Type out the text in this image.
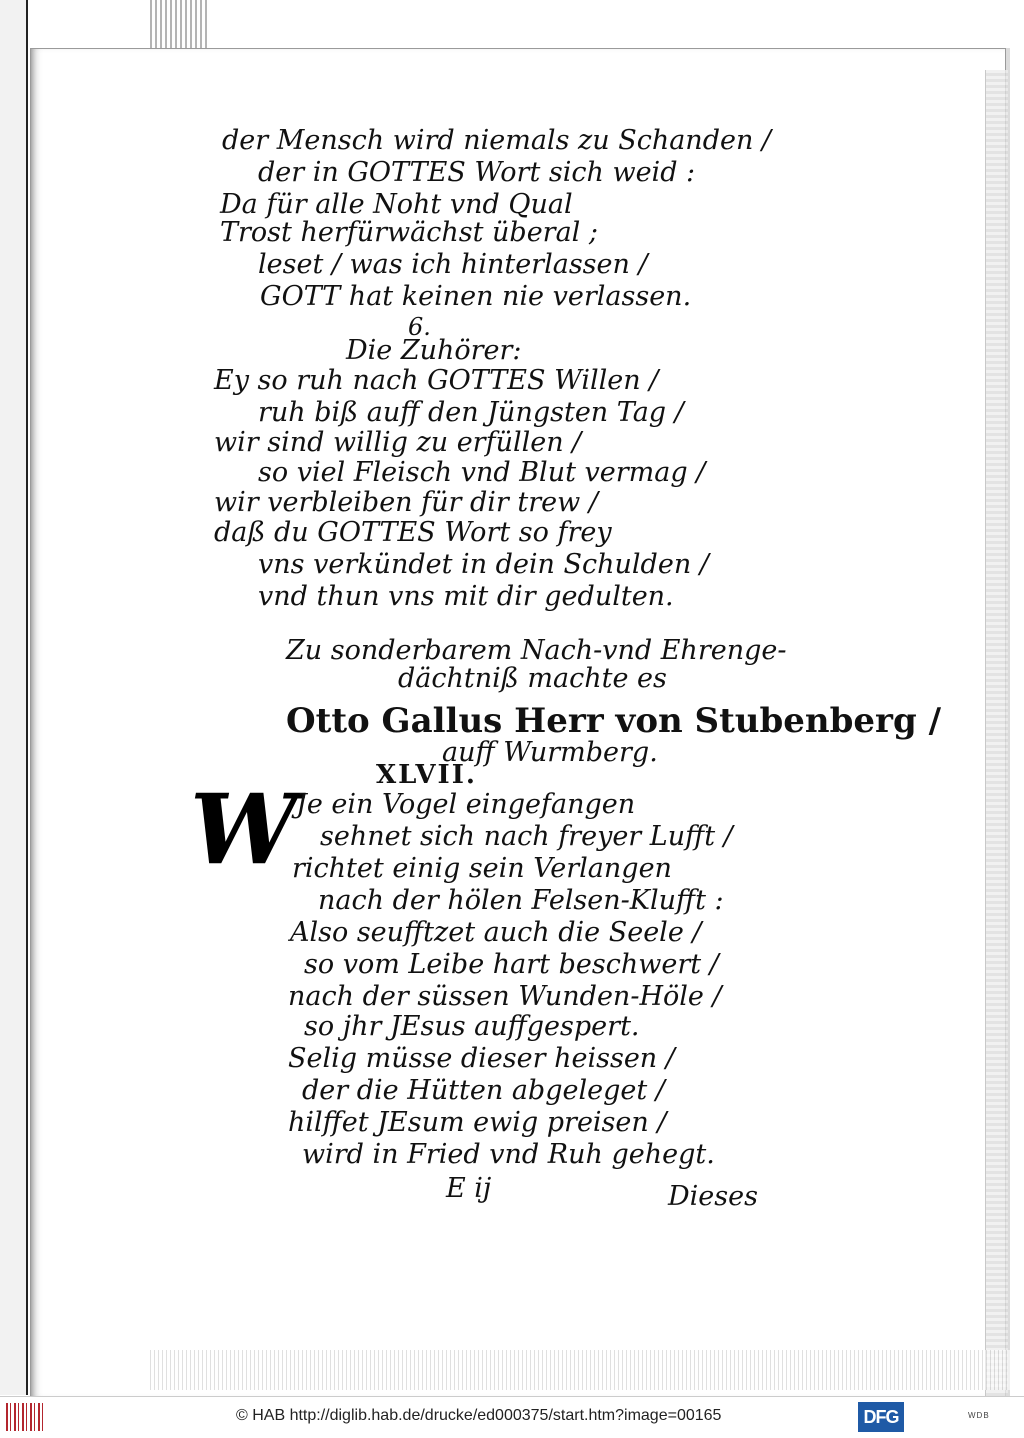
der Mensch wird niemals zu Schanden /
der in GOTTES Wort sich weid :
Da für alle Noht vnd Qual
Trost herfürwächst überal ;
leset / was ich hinterlassen /
GOTT hat keinen nie verlassen.
6.
Die Zuhörer:
Ey so ruh nach GOTTES Willen /
ruh biß auff den Jüngsten Tag /
wir sind willig zu erfüllen /
so viel Fleisch vnd Blut vermag /
wir verbleiben für dir trew /
daß du GOTTES Wort so frey
vns verkündet in dein Schulden /
vnd thun vns mit dir gedulten.
Zu sonderbarem Nach-vnd Ehrenge-
dächtniß machte es
Otto Gallus Herr von Stubenberg /
auff Wurmberg.
XLVII.
W
Je ein Vogel eingefangen
sehnet sich nach freyer Lufft /
richtet einig sein Verlangen
nach der hölen Felsen-Klufft :
Also seufftzet auch die Seele /
so vom Leibe hart beschwert /
nach der süssen Wunden-Höle /
so jhr JEsus auffgespert.
Selig müsse dieser heissen /
der die Hütten abgeleget /
hilffet JEsum ewig preisen /
wird in Fried vnd Ruh gehegt.
E ij	Dieses
© HAB http://diglib.hab.de/drucke/ed000375/start.htm?image=00165	DFG	WDB
